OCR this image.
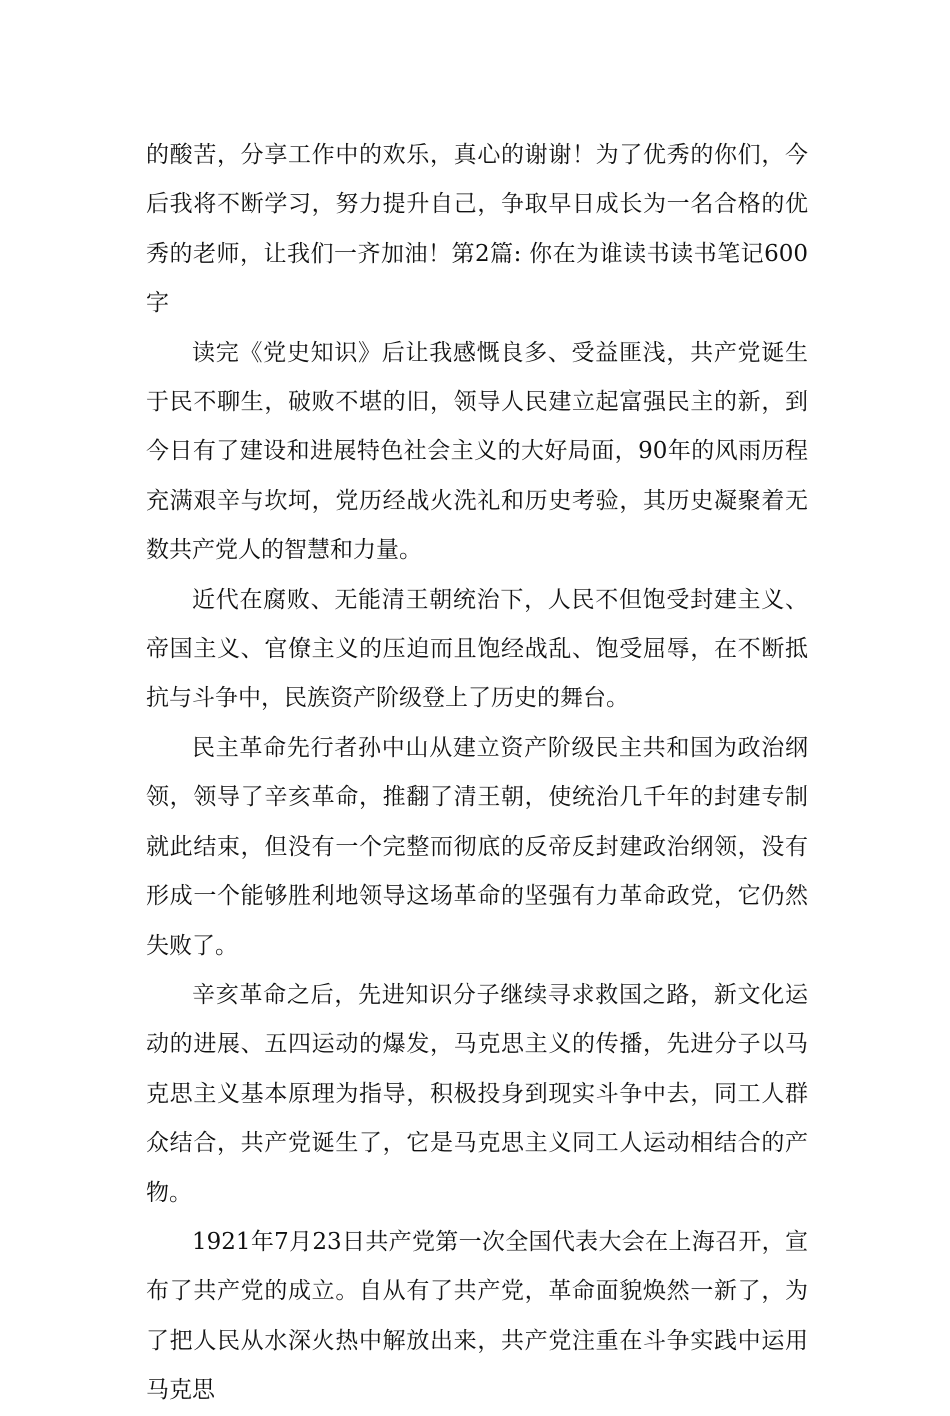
的酸苦，分享工作中的欢乐，真心的谢谢！为了优秀的你们，今后我将不断学习，努力提升自己，争取早日成长为一名合格的优秀的老师，让我们一齐加油！第2篇: 你在为谁读书读书笔记600字

读完《党史知识》后让我感慨良多、受益匪浅，共产党诞生于民不聊生，破败不堪的旧，领导人民建立起富强民主的新，到今日有了建设和进展特色社会主义的大好局面，90年的风雨历程充满艰辛与坎坷，党历经战火洗礼和历史考验，其历史凝聚着无数共产党人的智慧和力量。

近代在腐败、无能清王朝统治下，人民不但饱受封建主义、帝国主义、官僚主义的压迫而且饱经战乱、饱受屈辱，在不断抵抗与斗争中，民族资产阶级登上了历史的舞台。

民主革命先行者孙中山从建立资产阶级民主共和国为政治纲领，领导了辛亥革命，推翻了清王朝，使统治几千年的封建专制就此结束，但没有一个完整而彻底的反帝反封建政治纲领，没有形成一个能够胜利地领导这场革命的坚强有力革命政党，它仍然失败了。

辛亥革命之后，先进知识分子继续寻求救国之路，新文化运动的进展、五四运动的爆发，马克思主义的传播，先进分子以马克思主义基本原理为指导，积极投身到现实斗争中去，同工人群众结合，共产党诞生了，它是马克思主义同工人运动相结合的产物。

1921年7月23日共产党第一次全国代表大会在上海召开，宣布了共产党的成立。自从有了共产党，革命面貌焕然一新了，为了把人民从水深火热中解放出来，共产党注重在斗争实践中运用马克思
